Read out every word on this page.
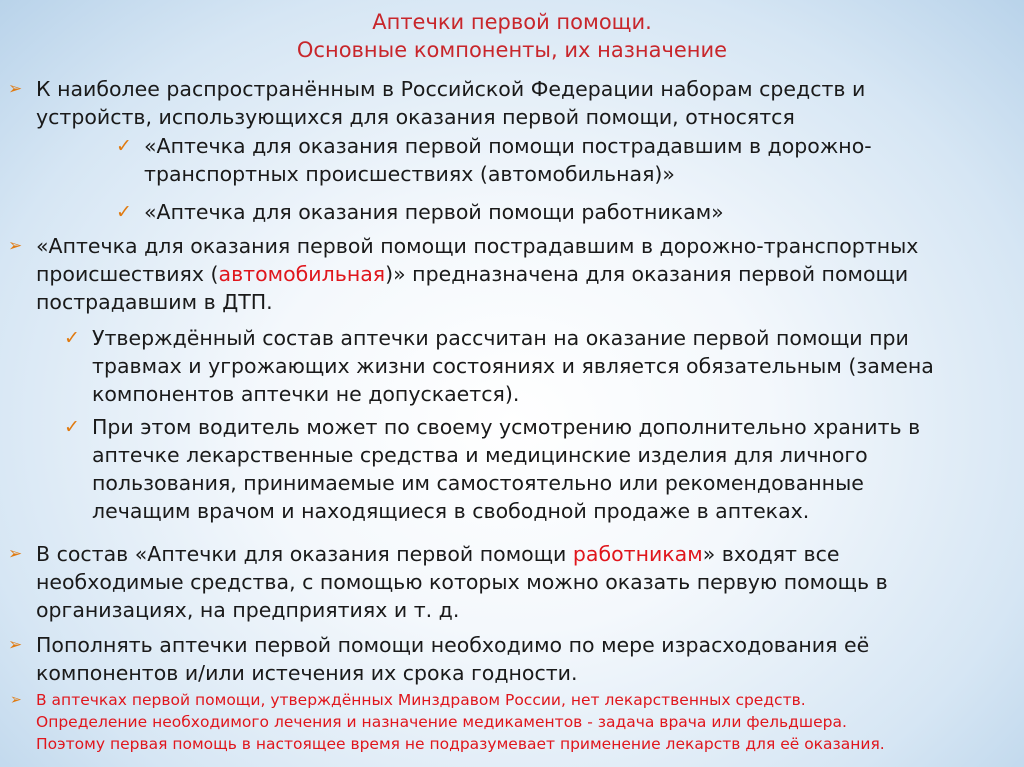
Аптечки первой помощи.
Основные компоненты, их назначение
➢ К наиболее распространённым в Российской Федерации наборам средств и
устройств, использующихся для оказания первой помощи, относятся
✓ «Аптечка для оказания первой помощи пострадавшим в дорожно-
транспортных происшествиях (автомобильная)»
✓ «Аптечка для оказания первой помощи работникам»
➢ «Аптечка для оказания первой помощи пострадавшим в дорожно-транспортных
происшествиях (автомобильная)» предназначена для оказания первой помощи
пострадавшим в ДТП.
✓ Утверждённый состав аптечки рассчитан на оказание первой помощи при
травмах и угрожающих жизни состояниях и является обязательным (замена
компонентов аптечки не допускается).
✓ При этом водитель может по своему усмотрению дополнительно хранить в
аптечке лекарственные средства и медицинские изделия для личного
пользования, принимаемые им самостоятельно или рекомендованные
лечащим врачом и находящиеся в свободной продаже в аптеках.
➢ В состав «Аптечки для оказания первой помощи работникам» входят все
необходимые средства, с помощью которых можно оказать первую помощь в
организациях, на предприятиях и т. д.
➢ Пополнять аптечки первой помощи необходимо по мере израсходования её
компонентов и/или истечения их срока годности.
➢ В аптечках первой помощи, утверждённых Минздравом России, нет лекарственных средств.
Определение необходимого лечения и назначение медикаментов - задача врача или фельдшера.
Поэтому первая помощь в настоящее время не подразумевает применение лекарств для её оказания.
